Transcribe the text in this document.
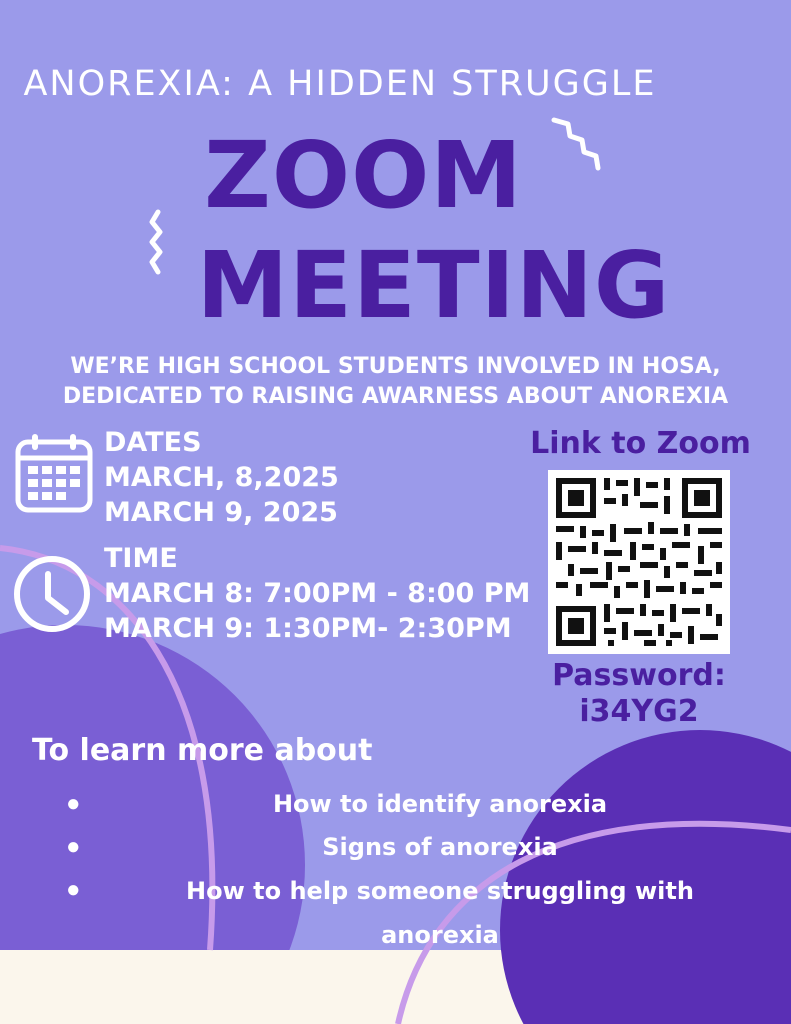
ANOREXIA: A HIDDEN STRUGGLE
ZOOM
MEETING
WE’RE HIGH SCHOOL STUDENTS INVOLVED IN HOSA,
DEDICATED TO RAISING AWARNESS ABOUT ANOREXIA
DATES
MARCH, 8,2025
MARCH 9, 2025
TIME
MARCH 8: 7:00PM - 8:00 PM
MARCH 9: 1:30PM- 2:30PM
Link to Zoom
Password:
i34YG2
To learn more about
●
●
●
How to identify anorexia
Signs of anorexia
How to help someone struggling with anorexia
